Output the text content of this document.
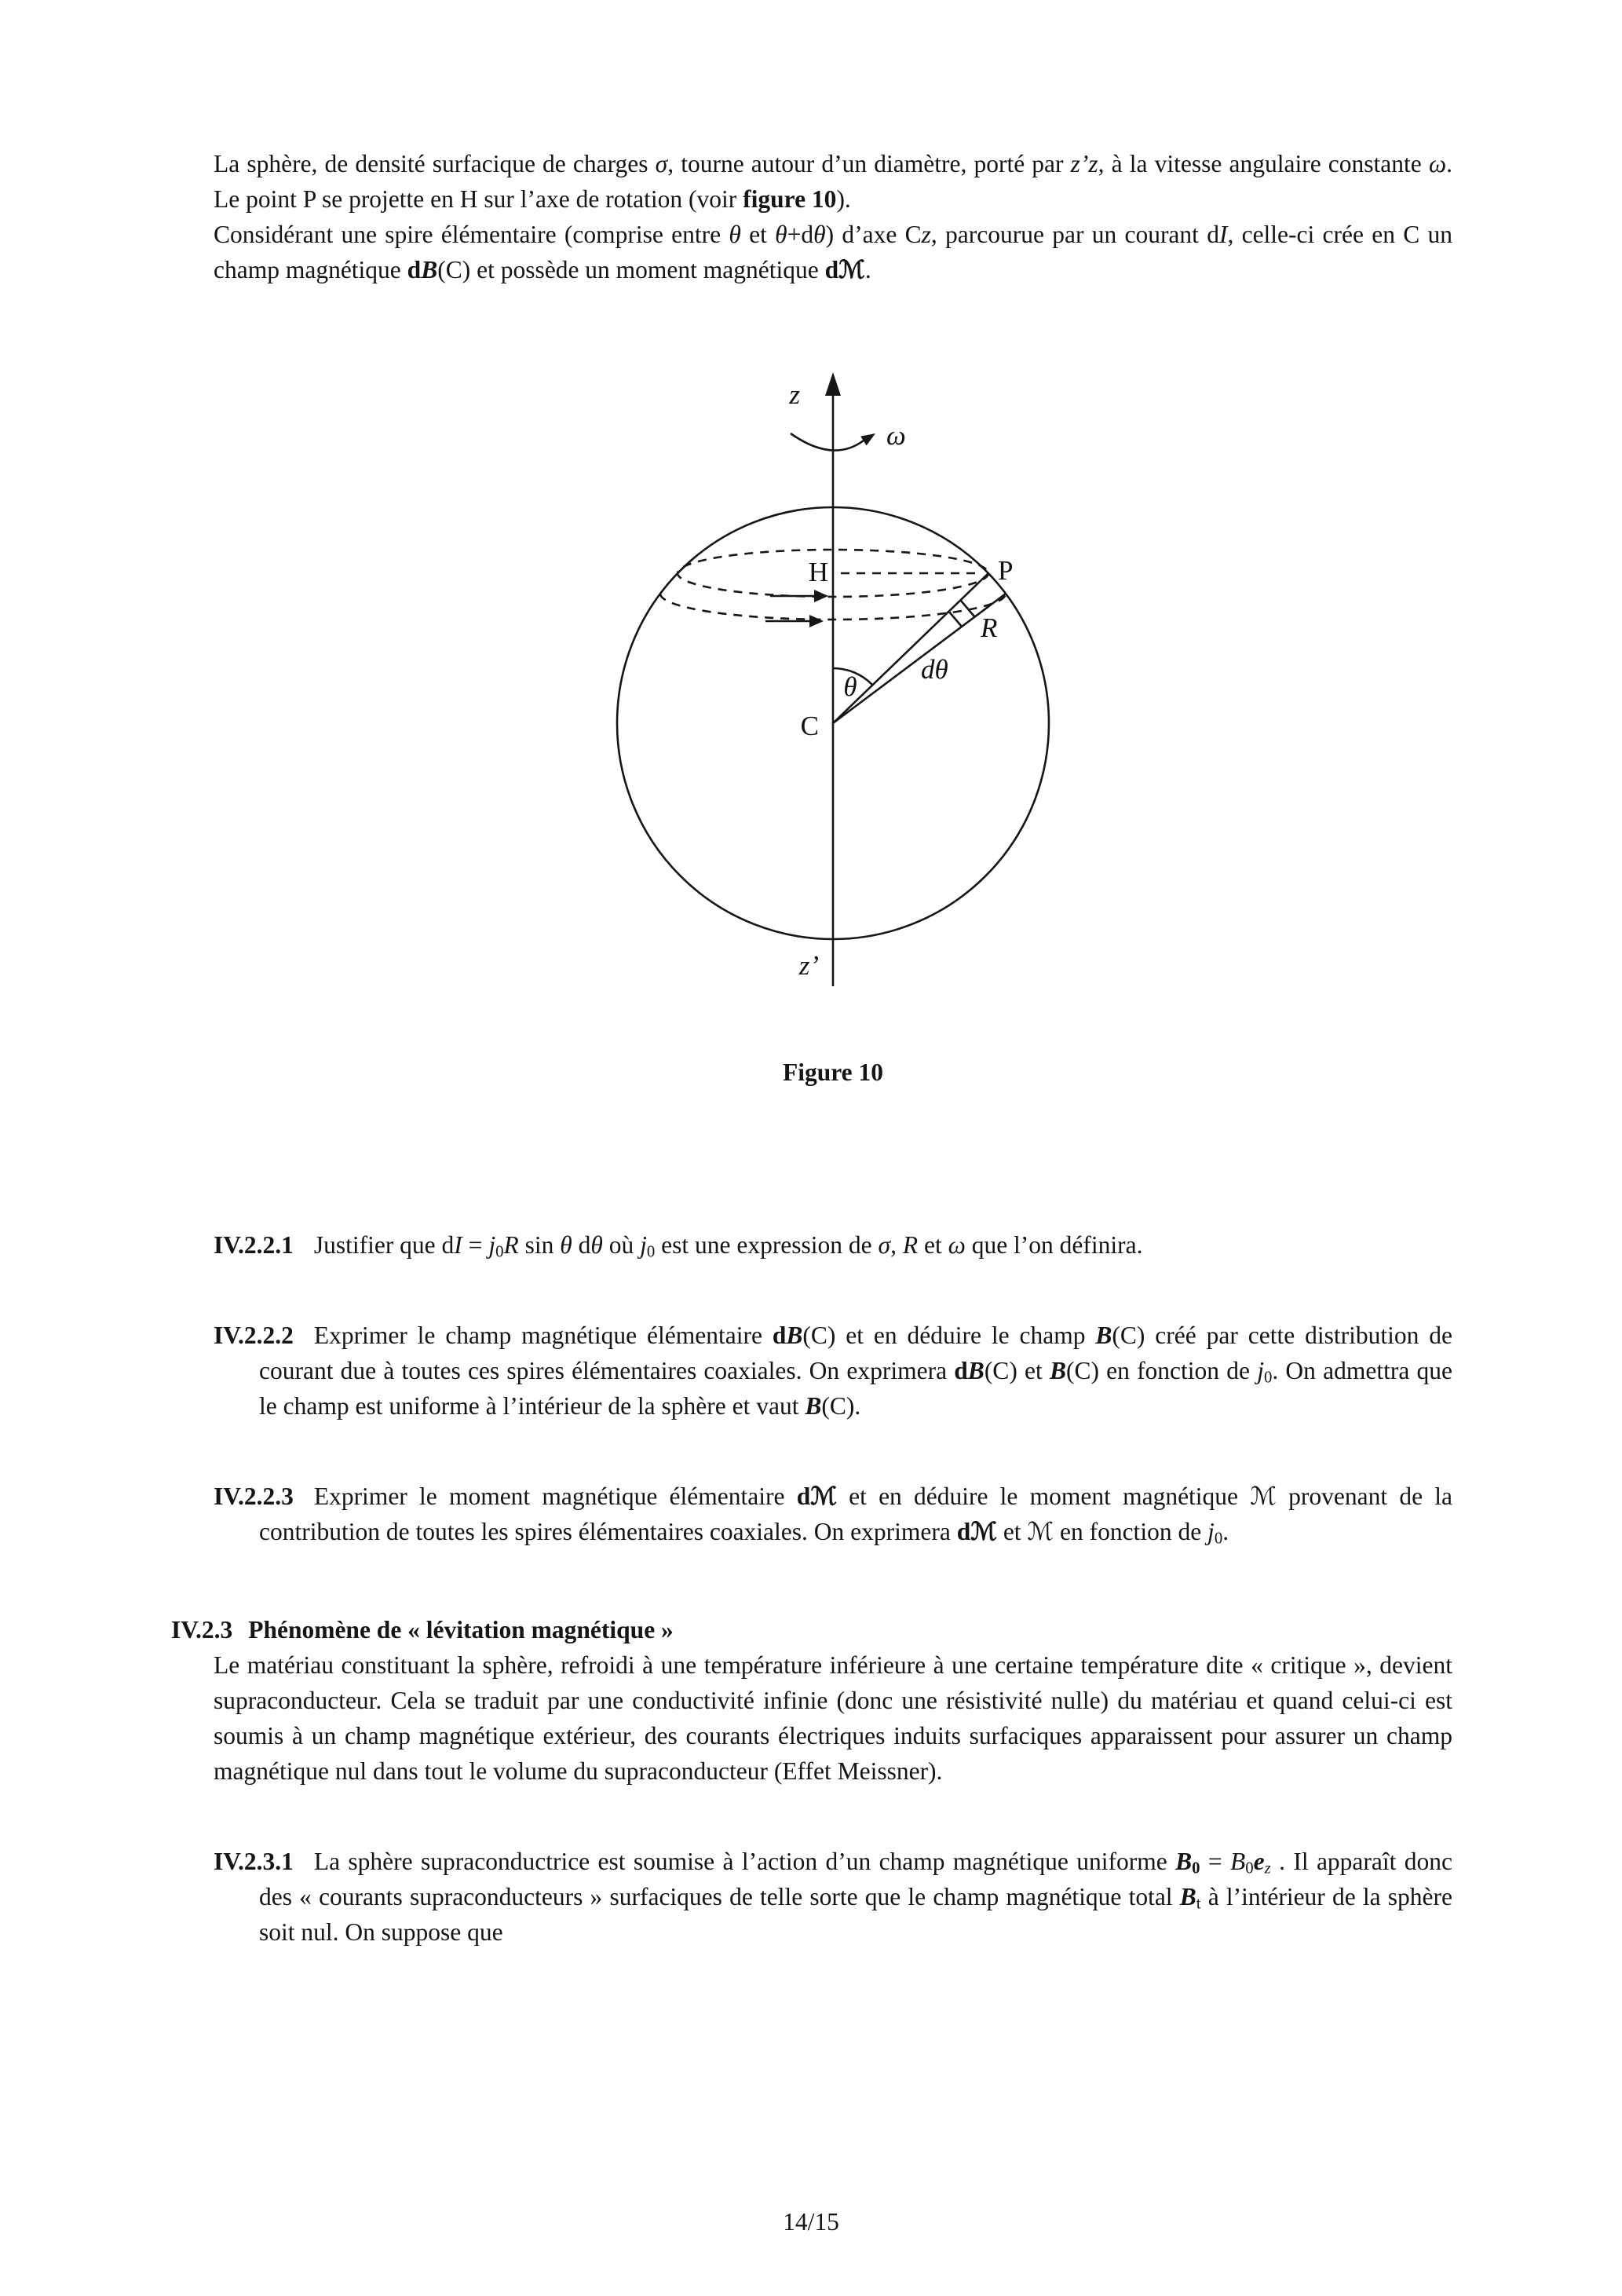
La sphère, de densité surfacique de charges σ, tourne autour d’un diamètre, porté par z’z, à la vitesse angulaire constante ω. Le point P se projette en H sur l’axe de rotation (voir figure 10).

Considérant une spire élémentaire (comprise entre θ et θ+dθ) d’axe Cz, parcourue par un courant dI, celle-ci crée en C un champ magnétique dB(C) et possède un moment magnétique dℳ.

z
ω
H	P
C
θ
dθ
R
z’
Figure 10
IV.2.2.1 Justifier que dI = $j_0R$ sin θ dθ où $j_0$ est une expression de σ, R et ω que l’on définira.
IV.2.2.2 Exprimer le champ magnétique élémentaire dB(C) et en déduire le champ B(C) créé par cette distribution de courant due à toutes ces spires élémentaires coaxiales. On exprimera dB(C) et B(C) en fonction de $j_0$. On admettra que le champ est uniforme à l’intérieur de la sphère et vaut B(C).
IV.2.2.3 Exprimer le moment magnétique élémentaire dℳ et en déduire le moment magnétique ℳ provenant de la contribution de toutes les spires élémentaires coaxiales. On exprimera dℳ et ℳ en fonction de $j_0$.
IV.2.3 Phénomène de « lévitation magnétique »

Le matériau constituant la sphère, refroidi à une température inférieure à une certaine température dite « critique », devient supraconducteur. Cela se traduit par une conductivité infinie (donc une résistivité nulle) du matériau et quand celui-ci est soumis à un champ magnétique extérieur, des courants électriques induits surfaciques apparaissent pour assurer un champ magnétique nul dans tout le volume du supraconducteur (Effet Meissner).

IV.2.3.1 La sphère supraconductrice est soumise à l’action d’un champ magnétique uniforme $B_0 = B_0e_z$ . Il apparaît donc des « courants supraconducteurs » surfaciques de telle sorte que le champ magnétique total $B_t$ à l’intérieur de la sphère soit nul. On suppose que
14/15
